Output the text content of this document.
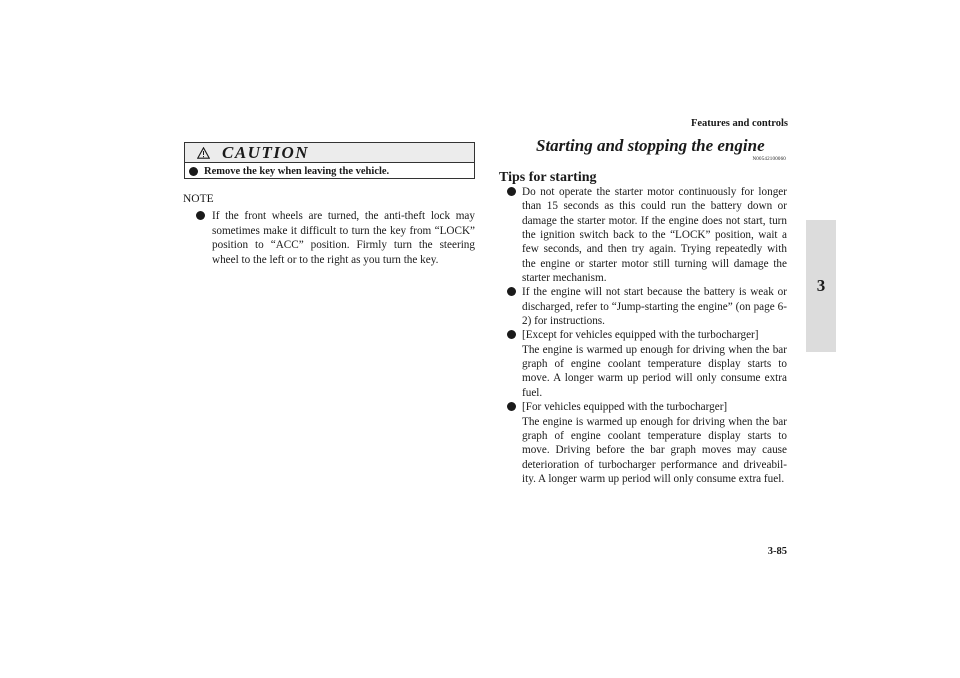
Features and controls
3
3-85
CAUTION
Remove the key when leaving the vehicle.
NOTE
If the front wheels are turned, the anti-theft lock may sometimes make it difficult to turn the key from “LOCK” position to “ACC” position. Firmly turn the steering wheel to the left or to the right as you turn the key.
Starting and stopping the engine
N00542100060
Tips for starting
Do not operate the starter motor continuously for longer than 15 seconds as this could run the battery down or damage the starter motor. If the engine does not start, turn the ignition switch back to the “LOCK” position, wait a few seconds, and then try again. Trying repeatedly with the engine or starter motor still turning will damage the starter mechanism.
If the engine will not start because the battery is weak or discharged, refer to “Jump-starting the engine” (on page 6-2) for instructions.
[Except for vehicles equipped with the turbocharger]
The engine is warmed up enough for driving when the bar graph of engine coolant temperature display starts to move. A longer warm up period will only consume extra fuel.
[For vehicles equipped with the turbocharger]
The engine is warmed up enough for driving when the bar graph of engine coolant temperature display starts to move. Driving before the bar graph moves may cause deterioration of turbocharger performance and driveabil-ity. A longer warm up period will only consume extra fuel.
